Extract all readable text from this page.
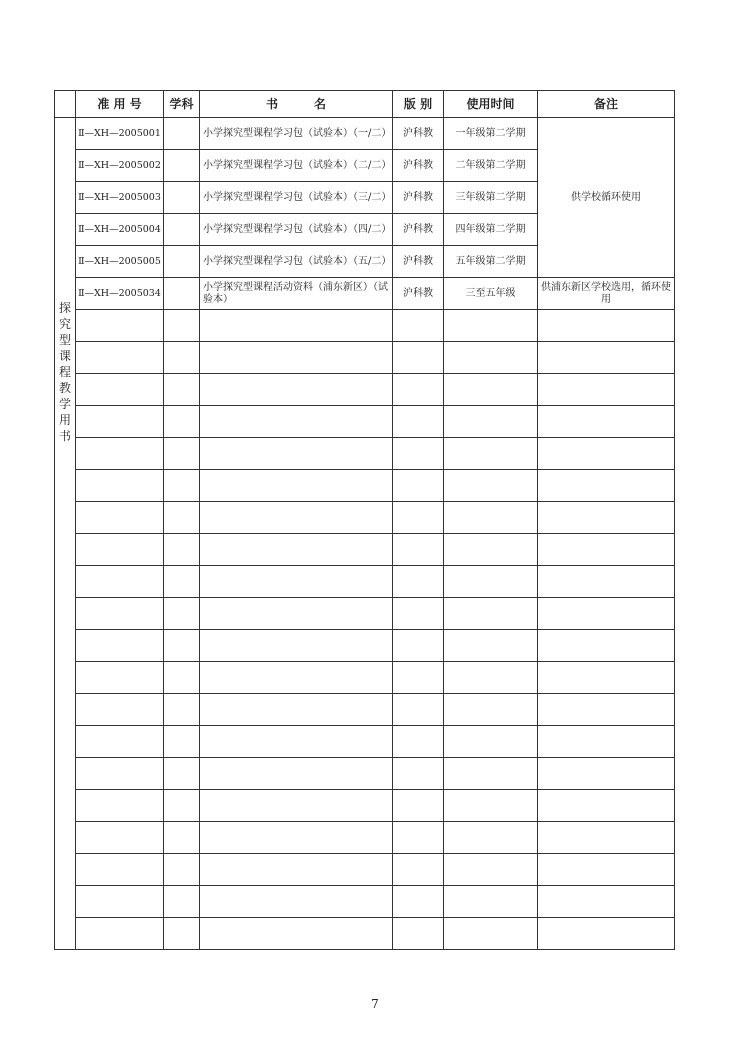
	准 用 号	学科	书　　　名	版 别	使用时间	备注
探究型课程教学用书	Ⅱ—XH—2005001		小学探究型课程学习包（试验本）（一/二）	沪科教	一年级第二学期	供学校循环使用
	Ⅱ—XH—2005002		小学探究型课程学习包（试验本）（二/二）	沪科教	二年级第二学期	
	Ⅱ—XH—2005003		小学探究型课程学习包（试验本）（三/二）	沪科教	三年级第二学期	
	Ⅱ—XH—2005004		小学探究型课程学习包（试验本）（四/二）	沪科教	四年级第二学期	
	Ⅱ—XH—2005005		小学探究型课程学习包（试验本）（五/二）	沪科教	五年级第二学期	
	Ⅱ—XH—2005034		小学探究型课程活动资料（浦东新区）（试验本）	沪科教	三至五年级	供浦东新区学校选用，循环使用

7
